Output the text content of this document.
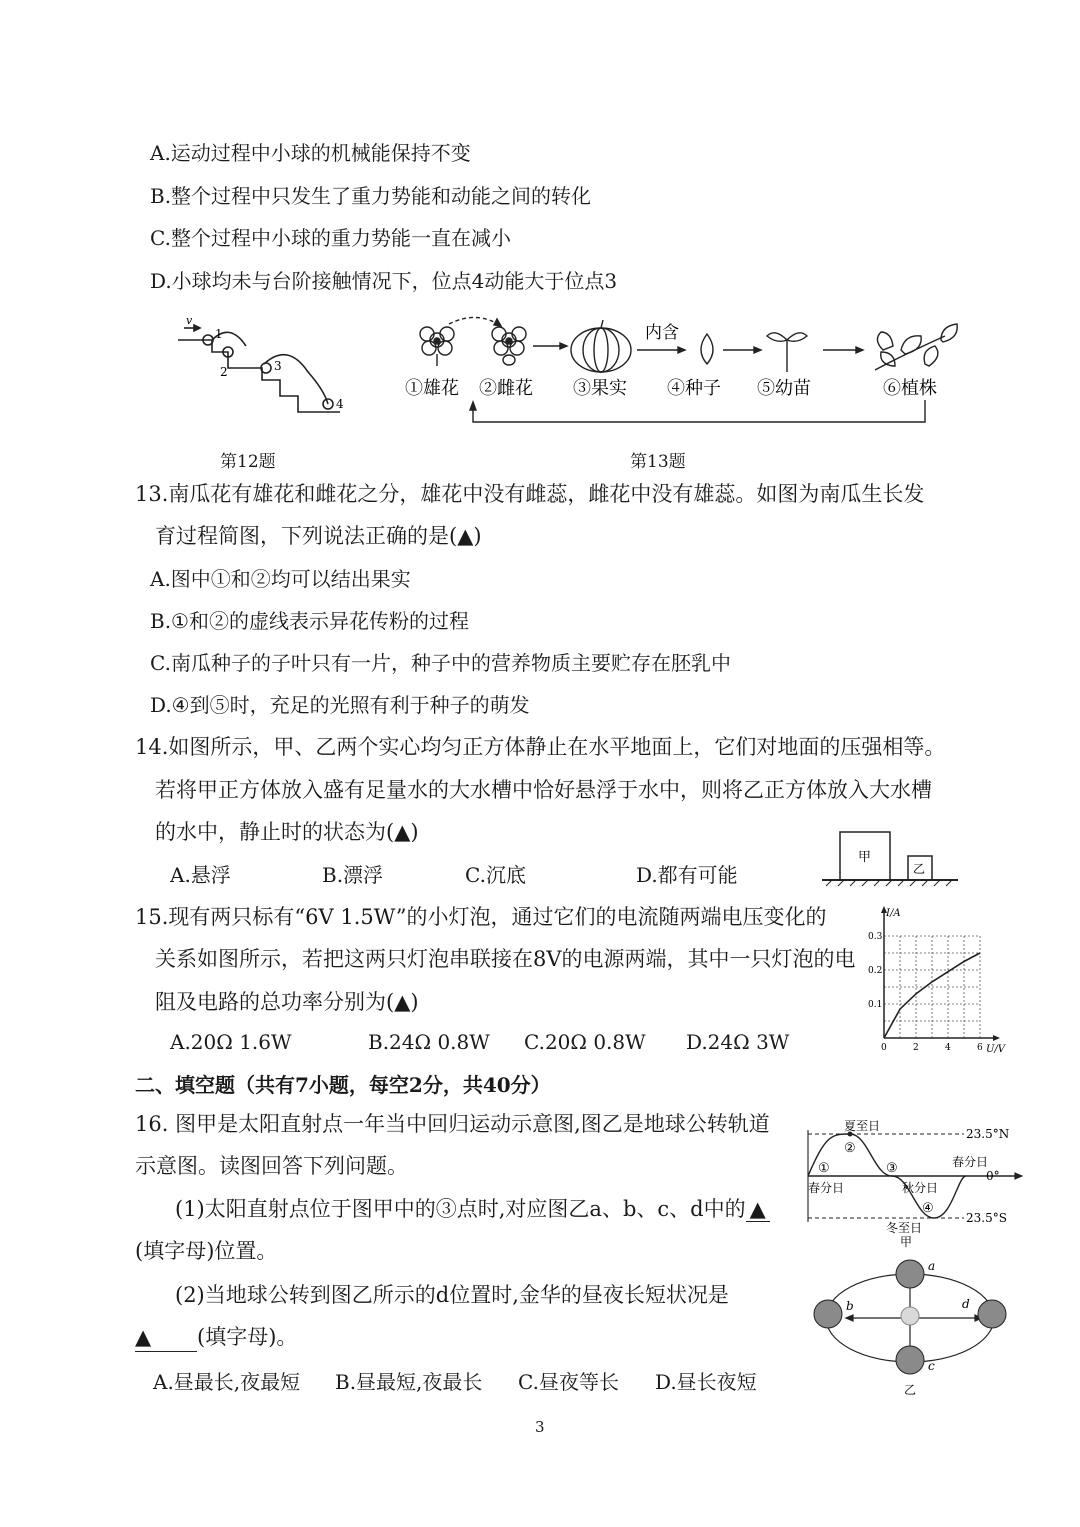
A.运动过程中小球的机械能保持不变
B.整个过程中只发生了重力势能和动能之间的转化
C.整个过程中小球的重力势能一直在减小
D.小球均未与台阶接触情况下，位点4动能大于位点3
v
1
2	3
4
内含
①雄花 ②雌花 ③果实 ④种子 ⑤幼苗	⑥植株
第12题	第13题
13.南瓜花有雄花和雌花之分，雄花中没有雌蕊，雌花中没有雄蕊。如图为南瓜生长发
育过程简图，下列说法正确的是(▲)
A.图中①和②均可以结出果实
B.①和②的虚线表示异花传粉的过程
C.南瓜种子的子叶只有一片，种子中的营养物质主要贮存在胚乳中
D.④到⑤时，充足的光照有利于种子的萌发
14.如图所示，甲、乙两个实心均匀正方体静止在水平地面上，它们对地面的压强相等。
若将甲正方体放入盛有足量水的大水槽中恰好悬浮于水中，则将乙正方体放入大水槽
的水中，静止时的状态为(▲)
A.悬浮	B.漂浮	C.沉底	D.都有可能
甲
乙
15.现有两只标有“6V 1.5W”的小灯泡，通过它们的电流随两端电压变化的
关系如图所示，若把这两只灯泡串联接在8V的电源两端，其中一只灯泡的电
阻及电路的总功率分别为(▲)
A.20Ω 1.6W	B.24Ω 0.8W C.20Ω 0.8W D.24Ω 3W
I/A
U/V
0	2	4	6
0.1
0.2
0.3
二、填空题（共有7小题，每空2分，共40分）
16. 图甲是太阳直射点一年当中回归运动示意图,图乙是地球公转轨道
示意图。读图回答下列问题。
(1)太阳直射点位于图甲中的③点时,对应图乙a、b、c、d中的 ▲
(填字母)位置。
(2)当地球公转到图乙所示的d位置时,金华的昼夜长短状况是
▲ (填字母)。
A.昼最长,夜最短 B.昼最短,夜最长 C.昼夜等长 D.昼长夜短
夏至日
23.5°N
②
①	③	春分日
0°
春分日	秋分日
④
23.5°S
冬至日
甲
a
b
c
d
乙
3
